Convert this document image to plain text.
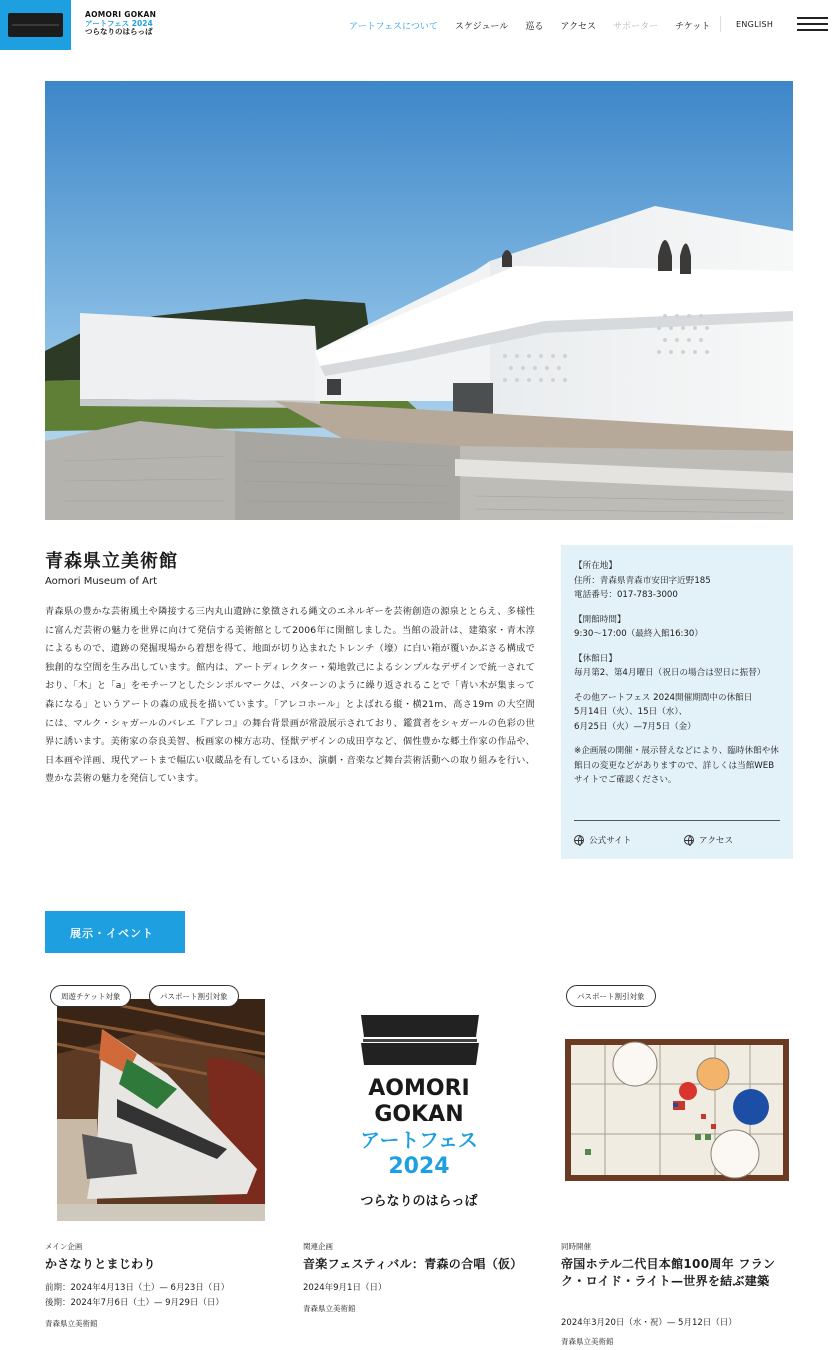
AOMORI GOKAN
アートフェス 2024
つらなりのはらっぱ	アートフェスについて スケジュール 巡る アクセス サポーター チケット	ENGLISH
青森県立美術館
Aomori Museum of Art

青森県の豊かな芸術風土や隣接する三内丸山遺跡に象徴される縄文のエネルギーを芸術創造の源泉ととらえ、多様性に富んだ芸術の魅力を世界に向けて発信する美術館として2006年に開館しました。当館の設計は、建築家・青木淳によるもので、遺跡の発掘現場から着想を得て、地面が切り込まれたトレンチ（壕）に白い箱が覆いかぶさる構成で独創的な空間を生み出しています。館内は、アートディレクター・菊地敦己によるシンプルなデザインで統一されており、「木」と「a」をモチーフとしたシンボルマークは、パターンのように繰り返されることで「青い木が集まって森になる」というアートの森の成長を描いています。「アレコホール」とよばれる縦・横21m、高さ19m の大空間には、マルク・シャガールのバレエ『アレコ』の舞台背景画が常設展示されており、鑑賞者をシャガールの色彩の世界に誘います。美術家の奈良美智、板画家の棟方志功、怪獣デザインの成田亨など、個性豊かな郷土作家の作品や、日本画や洋画、現代アートまで幅広い収蔵品を有しているほか、演劇・音楽など舞台芸術活動への取り組みを行い、豊かな芸術の魅力を発信しています。

【所在地】

住所：青森県青森市安田字近野185

電話番号：017-783-3000

【開館時間】

9:30〜17:00（最終入館16:30）

【休館日】

毎月第2、第4月曜日（祝日の場合は翌日に振替）

その他アートフェス 2024開催期間中の休館日

5月14日（火）、15日（水）、

6月25日（火）—7月5日（金）

※企画展の開催・展示替えなどにより、臨時休館や休館日の変更などがありますので、詳しくは当館WEBサイトでご確認ください。

公式サイト	アクセス
展示・イベント
周遊チケット対象	パスポート割引対象
メイン企画
かさなりとまじわり
前期：2024年4月13日（土）— 6月23日（日）
後期：2024年7月6日（土）— 9月29日（日）
青森県立美術館
AOMORI
GOKAN
アートフェス
2024
つらなりのはらっぱ
関連企画
音楽フェスティバル：青森の合唱（仮）
2024年9月1日（日）
青森県立美術館
パスポート割引対象
同時開催
帝国ホテル二代目本館100周年 フランク・ロイド・ライト—世界を結ぶ建築
2024年3月20日（水・祝）— 5月12日（日）
青森県立美術館
